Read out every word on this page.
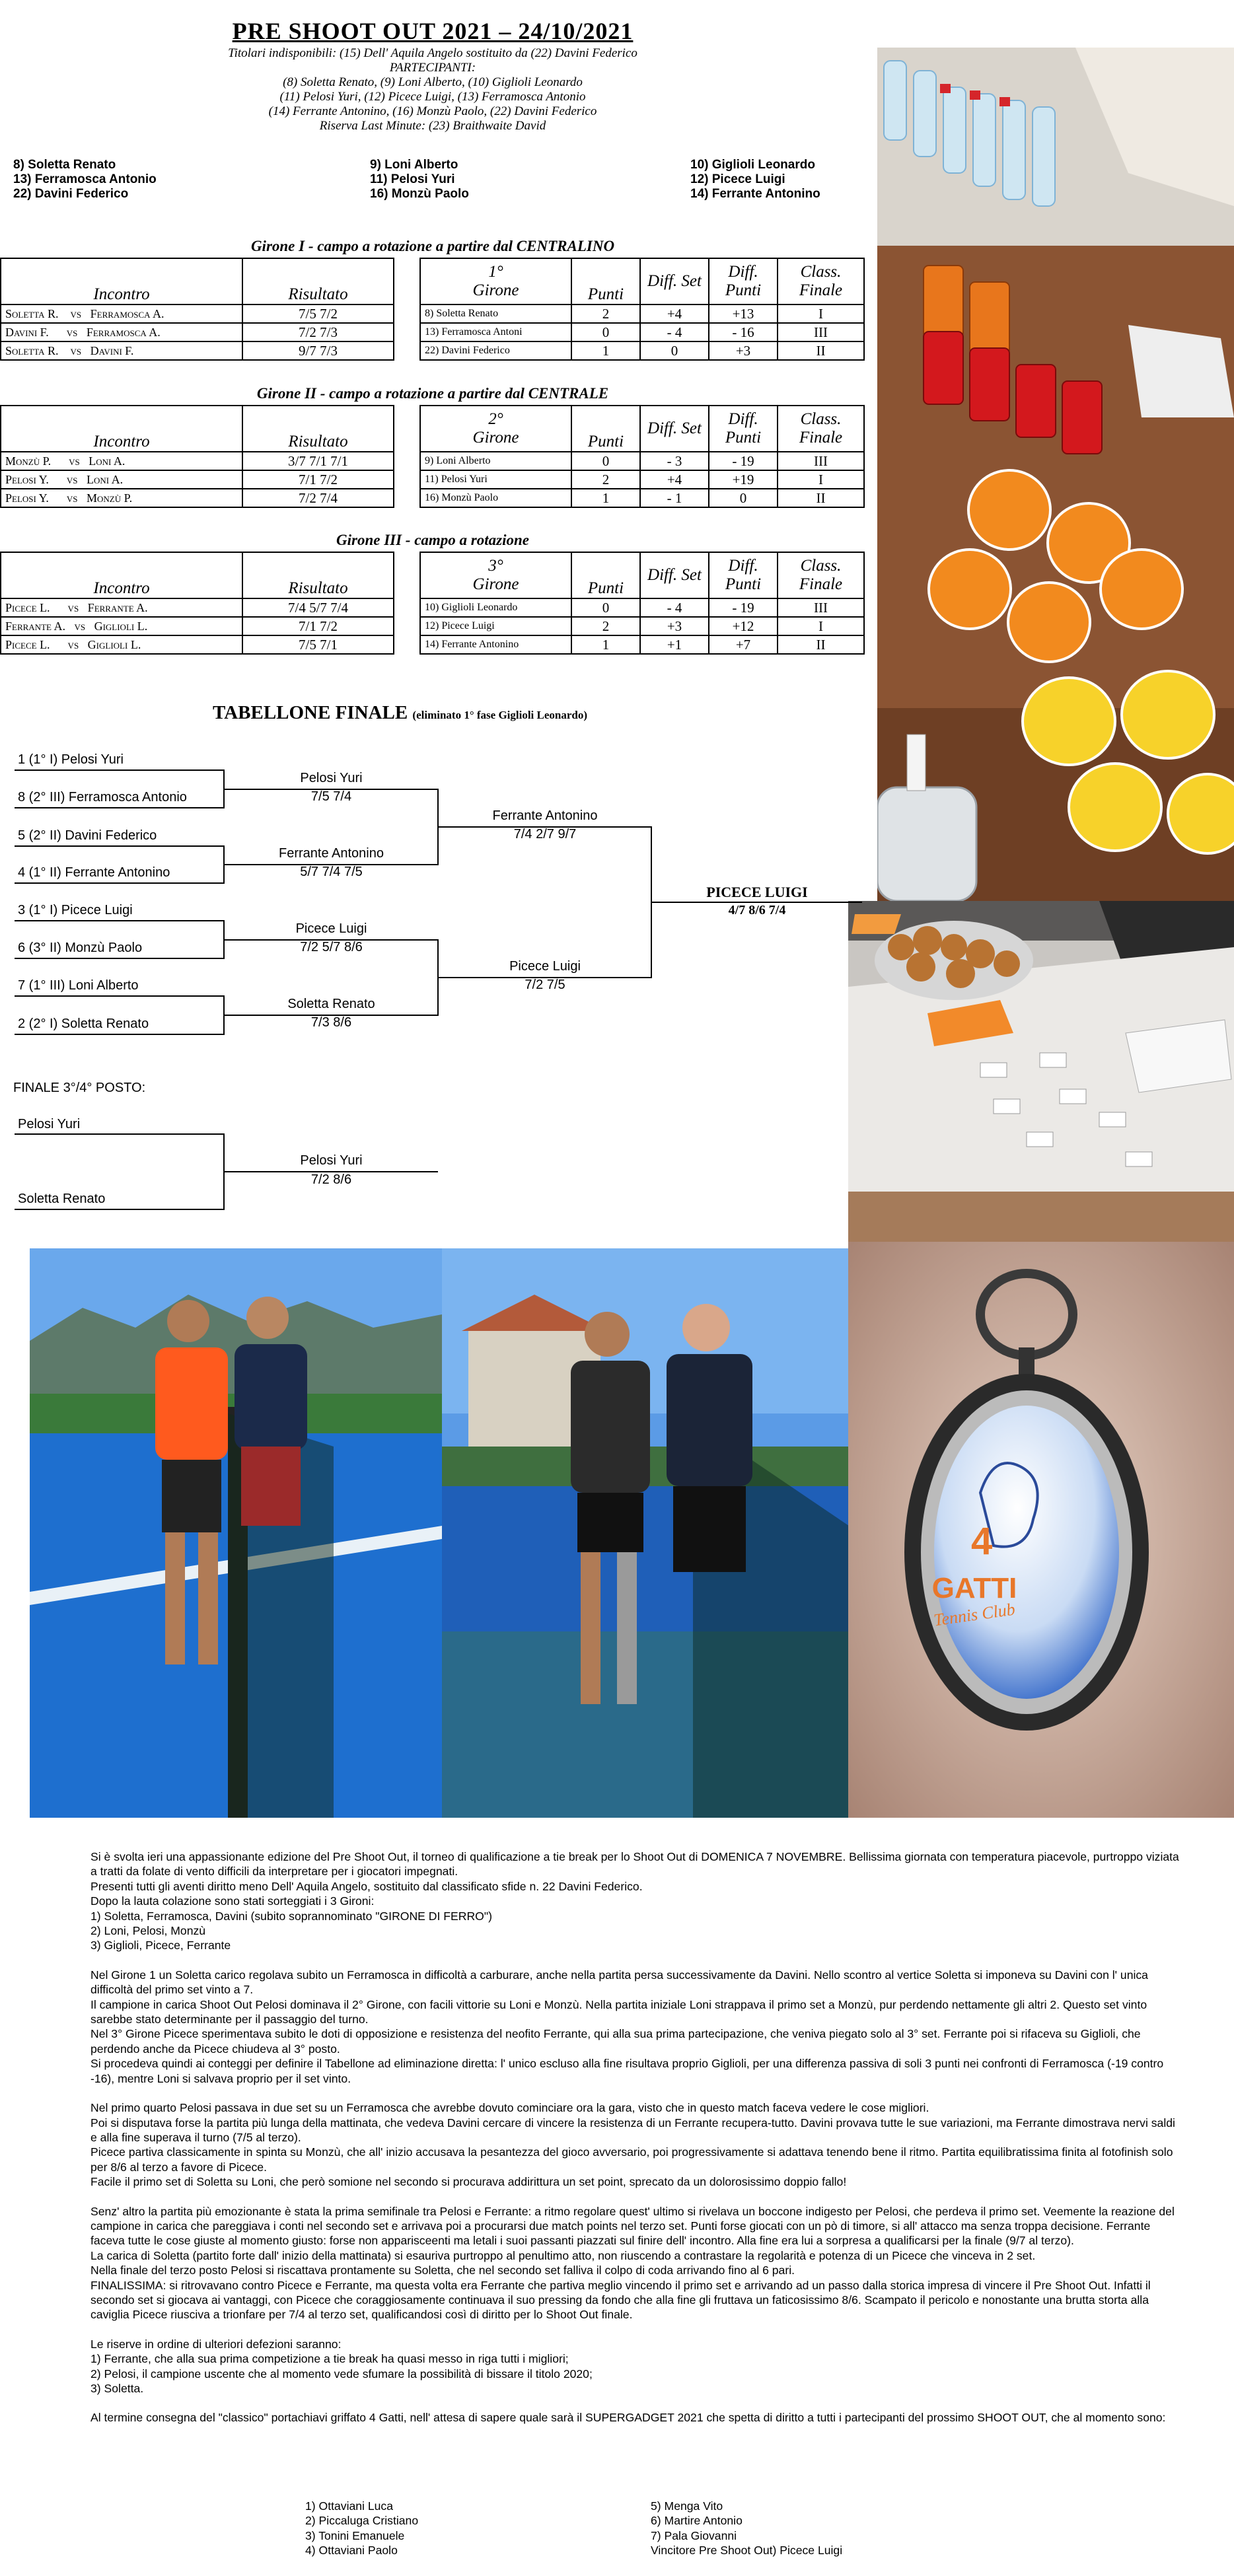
PRE SHOOT OUT 2021 – 24/10/2021
Titolari indisponibili: (15) Dell' Aquila Angelo sostituito da (22) Davini Federico
PARTECIPANTI:
(8) Soletta Renato, (9) Loni Alberto, (10) Giglioli Leonardo
(11) Pelosi Yuri, (12) Picece Luigi, (13) Ferramosca Antonio
(14) Ferrante Antonino, (16) Monzù Paolo, (22) Davini Federico
Riserva Last Minute: (23) Braithwaite David
8) Soletta Renato
13) Ferramosca Antonio
22) Davini Federico
9) Loni Alberto
11) Pelosi Yuri
16) Monzù Paolo
10) Giglioli Leonardo
12) Picece Luigi
14) Ferrante Antonino
Girone I - campo a rotazione a partire dal CENTRALINO
Incontro	Risultato
Soletta R.    vs   Ferramosca A.	7/5 7/2
Davini F.      vs   Ferramosca A.	7/2 7/3
Soletta R.    vs   Davini F.	9/7 7/3
1°
Girone	Punti	Diff. Set	Diff. Punti	Class. Finale
8) Soletta Renato	2	+4	+13	I
13) Ferramosca Antoni	0	- 4	- 16	III
22) Davini Federico	1	0	+3	II
Girone II - campo a rotazione a partire dal CENTRALE
Incontro	Risultato
Monzù P.      vs   Loni A.	3/7 7/1 7/1
Pelosi Y.      vs   Loni A.	7/1 7/2
Pelosi Y.      vs   Monzù P.	7/2 7/4
2°
Girone	Punti	Diff. Set	Diff. Punti	Class. Finale
9) Loni Alberto	0	- 3	- 19	III
11) Pelosi Yuri	2	+4	+19	I
16) Monzù Paolo	1	- 1	0	II
Girone III - campo a rotazione
Incontro	Risultato
Picece L.      vs   Ferrante A.	7/4 5/7 7/4
Ferrante A.   vs   Giglioli L.	7/1 7/2
Picece L.      vs   Giglioli L.	7/5 7/1
3°
Girone	Punti	Diff. Set	Diff. Punti	Class. Finale
10) Giglioli Leonardo	0	- 4	- 19	III
12) Picece Luigi	2	+3	+12	I
14) Ferrante Antonino	1	+1	+7	II
4
GATTI
Tennis Club
TABELLONE FINALE (eliminato 1° fase Giglioli Leonardo)
1 (1° I) Pelosi Yuri
8 (2° III) Ferramosca Antonio
5 (2° II) Davini Federico
4 (1° II) Ferrante Antonino
3 (1° I) Picece Luigi
6 (3° II) Monzù Paolo
7 (1° III) Loni Alberto
2 (2° I) Soletta Renato
Pelosi Yuri
7/5 7/4
Ferrante Antonino
5/7 7/4 7/5
Picece Luigi
7/2 5/7 8/6
Soletta Renato
7/3 8/6
Ferrante Antonino
7/4 2/7 9/7
Picece Luigi
7/2 7/5
PICECE LUIGI
4/7 8/6 7/4
FINALE 3°/4° POSTO:
Pelosi Yuri
Soletta Renato
Pelosi Yuri
7/2 8/6

Si è svolta ieri una appassionante edizione del Pre Shoot Out, il torneo di qualificazione a tie break per lo Shoot Out di DOMENICA 7 NOVEMBRE. Bellissima giornata con temperatura piacevole, purtroppo viziata a tratti da folate di vento difficili da interpretare per i giocatori impegnati.
Presenti tutti gli aventi diritto meno Dell' Aquila Angelo, sostituito dal classificato sfide n. 22 Davini Federico.
Dopo la lauta colazione sono stati sorteggiati i 3 Gironi:
1) Soletta, Ferramosca, Davini (subito soprannominato "GIRONE DI FERRO")
2) Loni, Pelosi, Monzù
3) Giglioli, Picece, Ferrante

Nel Girone 1 un Soletta carico regolava subito un Ferramosca in difficoltà a carburare, anche nella partita persa successivamente da Davini. Nello scontro al vertice Soletta si imponeva su Davini con l' unica difficoltà del primo set vinto a 7.
Il campione in carica Shoot Out Pelosi dominava il 2° Girone, con facili vittorie su Loni e Monzù. Nella partita iniziale Loni strappava il primo set a Monzù, pur perdendo nettamente gli altri 2. Questo set vinto sarebbe stato determinante per il passaggio del turno.
Nel 3° Girone Picece sperimentava subito le doti di opposizione e resistenza del neofito Ferrante, qui alla sua prima partecipazione, che veniva piegato solo al 3° set. Ferrante poi si rifaceva su Giglioli, che perdendo anche da Picece chiudeva al 3° posto.
Si procedeva quindi ai conteggi per definire il Tabellone ad eliminazione diretta: l' unico escluso alla fine risultava proprio Giglioli, per una differenza passiva di soli 3 punti nei confronti di Ferramosca (-19 contro -16), mentre Loni si salvava proprio per il set vinto.

Nel primo quarto Pelosi passava in due set su un Ferramosca che avrebbe dovuto cominciare ora la gara, visto che in questo match faceva vedere le cose migliori.
Poi si disputava forse la partita più lunga della mattinata, che vedeva Davini cercare di vincere la resistenza di un Ferrante recupera-tutto. Davini provava tutte le sue variazioni, ma Ferrante dimostrava nervi saldi e alla fine superava il turno (7/5 al terzo).
Picece partiva classicamente in spinta su Monzù, che all' inizio accusava la pesantezza del gioco avversario, poi progressivamente si adattava tenendo bene il ritmo. Partita equilibratissima finita al fotofinish solo per 8/6 al terzo a favore di Picece.
Facile il primo set di Soletta su Loni, che però somione nel secondo si procurava addirittura un set point, sprecato da un dolorosissimo doppio fallo!

Senz' altro la partita più emozionante è stata la prima semifinale tra Pelosi e Ferrante: a ritmo regolare quest' ultimo si rivelava un boccone indigesto per Pelosi, che perdeva il primo set. Veemente la reazione del campione in carica che pareggiava i conti nel secondo set e arrivava poi a procurarsi due match points nel terzo set. Punti forse giocati con un pò di timore, si all' attacco ma senza troppa decisione. Ferrante faceva tutte le cose giuste al momento giusto: forse non apparisceenti ma letali i suoi passanti piazzati sul finire dell' incontro. Alla fine era lui a sorpresa a qualificarsi per la finale (9/7 al terzo).
La carica di Soletta (partito forte dall' inizio della mattinata) si esauriva purtroppo al penultimo atto, non riuscendo a contrastare la regolarità e potenza di un Picece che vinceva in 2 set.
Nella finale del terzo posto Pelosi si riscattava prontamente su Soletta, che nel secondo set falliva il colpo di coda arrivando fino al 6 pari.
FINALISSIMA: si ritrovavano contro Picece e Ferrante, ma questa volta era Ferrante che partiva meglio vincendo il primo set e arrivando ad un passo dalla storica impresa di vincere il Pre Shoot Out. Infatti il secondo set si giocava ai vantaggi, con Picece che coraggiosamente continuava il suo pressing da fondo che alla fine gli fruttava un faticosissimo 8/6. Scampato il pericolo e nonostante una brutta storta alla caviglia Picece riusciva a trionfare per 7/4 al terzo set, qualificandosi così di diritto per lo Shoot Out finale.

Le riserve in ordine di ulteriori defezioni saranno:
1) Ferrante, che alla sua prima competizione a tie break ha quasi messo in riga tutti i migliori;
2) Pelosi, il campione uscente che al momento vede sfumare la possibilità di bissare il titolo 2020;
3) Soletta.

Al termine consegna del "classico" portachiavi griffato 4 Gatti, nell' attesa di sapere quale sarà il SUPERGADGET 2021 che spetta di diritto a tutti i partecipanti del prossimo SHOOT OUT, che al momento sono:

1) Ottaviani Luca
2) Piccaluga Cristiano
3) Tonini Emanuele
4) Ottaviani Paolo
5) Menga Vito
6) Martire Antonio
7) Pala Giovanni
Vincitore Pre Shoot Out) Picece Luigi
